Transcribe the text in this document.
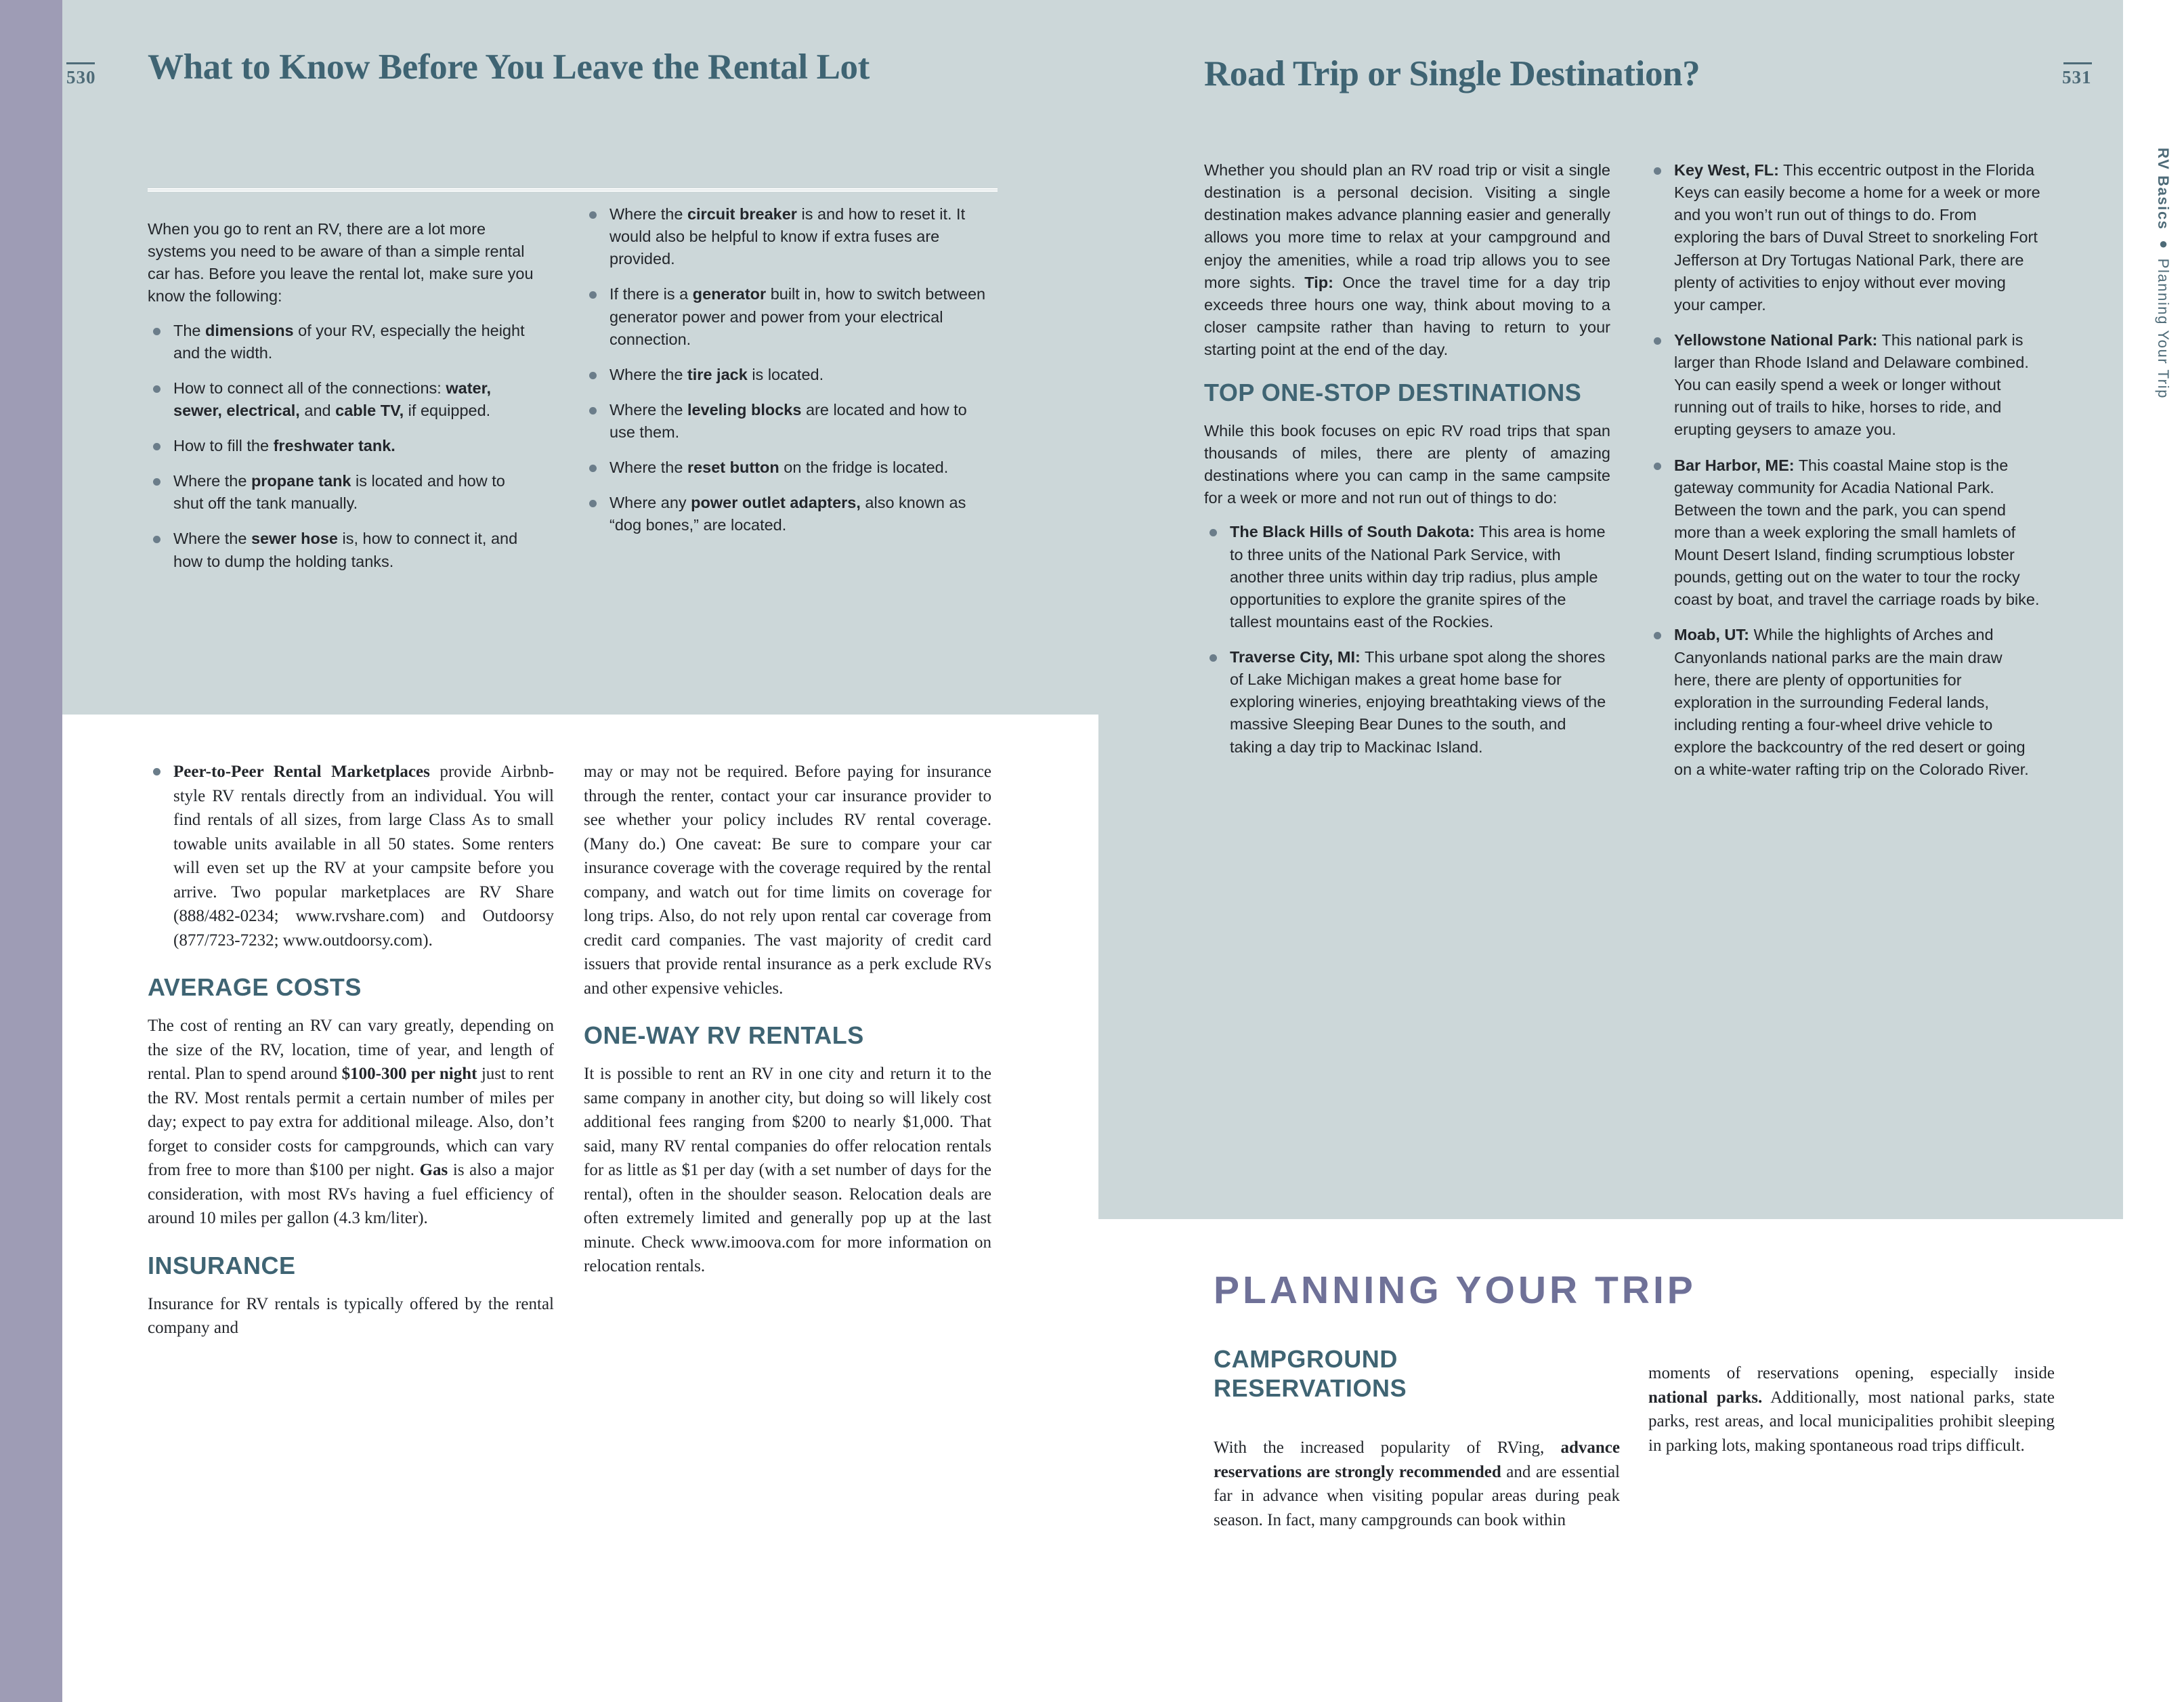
530 What to Know Before You Leave the Rental Lot

When you go to rent an RV, there are a lot more systems you need to be aware of than a simple rental car has. Before you leave the rental lot, make sure you know the following:

The dimensions of your RV, especially the height and the width.
How to connect all of the connections: water, sewer, electrical, and cable TV, if equipped.
How to fill the freshwater tank.
Where the propane tank is located and how to shut off the tank manually.
Where the sewer hose is, how to connect it, and how to dump the holding tanks.
Where the circuit breaker is and how to reset it. It would also be helpful to know if extra fuses are provided.
If there is a generator built in, how to switch between generator power and power from your electrical connection.
Where the tire jack is located.
Where the leveling blocks are located and how to use them.
Where the reset button on the fridge is located.
Where any power outlet adapters, also known as “dog bones,” are located.
Peer-to-Peer Rental Marketplaces provide Airbnb-style RV rentals directly from an individual. You will find rentals of all sizes, from large Class As to small towable units available in all 50 states. Some renters will even set up the RV at your campsite before you arrive. Two popular marketplaces are RV Share (888/482-0234; www.rvshare.com) and Outdoorsy (877/723-7232; www.outdoorsy.com).
AVERAGE COSTS

The cost of renting an RV can vary greatly, depending on the size of the RV, location, time of year, and length of rental. Plan to spend around $100-300 per night just to rent the RV. Most rentals permit a certain number of miles per day; expect to pay extra for additional mileage. Also, don’t forget to consider costs for campgrounds, which can vary from free to more than $100 per night. Gas is also a major consideration, with most RVs having a fuel efficiency of around 10 miles per gallon (4.3 km/liter).

INSURANCE

Insurance for RV rentals is typically offered by the rental company and

may or may not be required. Before paying for insurance through the renter, contact your car insurance provider to see whether your policy includes RV rental coverage. (Many do.) One caveat: Be sure to compare your car insurance coverage with the coverage required by the rental company, and watch out for time limits on coverage for long trips. Also, do not rely upon rental car coverage from credit card companies. The vast majority of credit card issuers that provide rental insurance as a perk exclude RVs and other expensive vehicles.

ONE-WAY RV RENTALS

It is possible to rent an RV in one city and return it to the same company in another city, but doing so will likely cost additional fees ranging from $200 to nearly $1,000. That said, many RV rental companies do offer relocation rentals for as little as $1 per day (with a set number of days for the rental), often in the shoulder season. Relocation deals are often extremely limited and generally pop up at the last minute. Check www.imoova.com for more information on relocation rentals.

531
RV Basics ● Planning Your Trip
Road Trip or Single Destination?

Whether you should plan an RV road trip or visit a single destination is a personal decision. Visiting a single destination makes advance planning easier and generally allows you more time to relax at your campground and enjoy the amenities, while a road trip allows you to see more sights. Tip: Once the travel time for a day trip exceeds three hours one way, think about moving to a closer campsite rather than having to return to your starting point at the end of the day.

TOP ONE-STOP DESTINATIONS

While this book focuses on epic RV road trips that span thousands of miles, there are plenty of amazing destinations where you can camp in the same campsite for a week or more and not run out of things to do:

The Black Hills of South Dakota: This area is home to three units of the National Park Service, with another three units within day trip radius, plus ample opportunities to explore the granite spires of the tallest mountains east of the Rockies.
Traverse City, MI: This urbane spot along the shores of Lake Michigan makes a great home base for exploring wineries, enjoying breathtaking views of the massive Sleeping Bear Dunes to the south, and taking a day trip to Mackinac Island.
Key West, FL: This eccentric outpost in the Florida Keys can easily become a home for a week or more and you won’t run out of things to do. From exploring the bars of Duval Street to snorkeling Fort Jefferson at Dry Tortugas National Park, there are plenty of activities to enjoy without ever moving your camper.
Yellowstone National Park: This national park is larger than Rhode Island and Delaware combined. You can easily spend a week or longer without running out of trails to hike, horses to ride, and erupting geysers to amaze you.
Bar Harbor, ME: This coastal Maine stop is the gateway community for Acadia National Park. Between the town and the park, you can spend more than a week exploring the small hamlets of Mount Desert Island, finding scrumptious lobster pounds, getting out on the water to tour the rocky coast by boat, and travel the carriage roads by bike.
Moab, UT: While the highlights of Arches and Canyonlands national parks are the main draw here, there are plenty of opportunities for exploration in the surrounding Federal lands, including renting a four-wheel drive vehicle to explore the backcountry of the red desert or going on a white-water rafting trip on the Colorado River.
PLANNING YOUR TRIP
CAMPGROUND RESERVATIONS

With the increased popularity of RVing, advance reservations are strongly recommended and are essential far in advance when visiting popular areas during peak season. In fact, many campgrounds can book within

moments of reservations opening, especially inside national parks. Additionally, most national parks, state parks, rest areas, and local municipalities prohibit sleeping in parking lots, making spontaneous road trips difficult.
